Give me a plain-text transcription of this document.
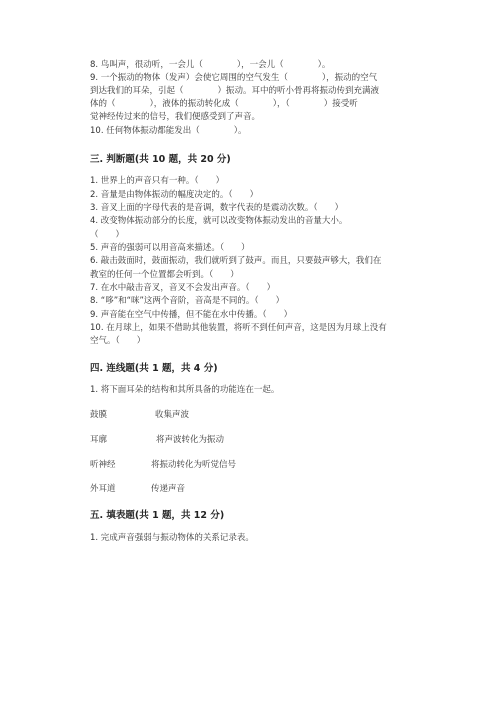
8. 鸟叫声，很动听，一会儿（　　　　），一会儿（　　　　）。
9. 一个振动的物体（发声）会使它周围的空气发生（　　　　），振动的空气
到达我们的耳朵，引起（　　　　）振动。耳中的听小骨再将振动传到充满液
体的（　　　　），液体的振动转化成（　　　　），（　　　　）接受听
觉神经传过来的信号，我们便感受到了声音。
10. 任何物体振动都能发出（　　　　）。
三. 判断题(共 10 题，共 20 分)
1. 世界上的声音只有一种。（　　）
2. 音量是由物体振动的幅度决定的。（　　）
3. 音叉上面的字母代表的是音调，数字代表的是震动次数。（　　）
4. 改变物体振动部分的长度，就可以改变物体振动发出的音量大小。
（　　）
5. 声音的强弱可以用音高来描述。（　　）
6. 敲击鼓面时，鼓面振动，我们就听到了鼓声。而且，只要鼓声够大，我们在
教室的任何一个位置都会听到。（　　）
7. 在水中敲击音叉，音叉不会发出声音。（　　）
8. “哆”和“咪”这两个音阶，音高是不同的。（　　）
9. 声音能在空气中传播，但不能在水中传播。（　　）
10. 在月球上，如果不借助其他装置，将听不到任何声音，这是因为月球上没有
空气。（　　）
四. 连线题(共 1 题，共 4 分)
1. 将下面耳朵的结构和其所具备的功能连在一起。
鼓膜	收集声波
耳廓	将声波转化为振动
听神经	将振动转化为听觉信号
外耳道	传递声音
五. 填表题(共 1 题，共 12 分)
1. 完成声音强弱与振动物体的关系记录表。
